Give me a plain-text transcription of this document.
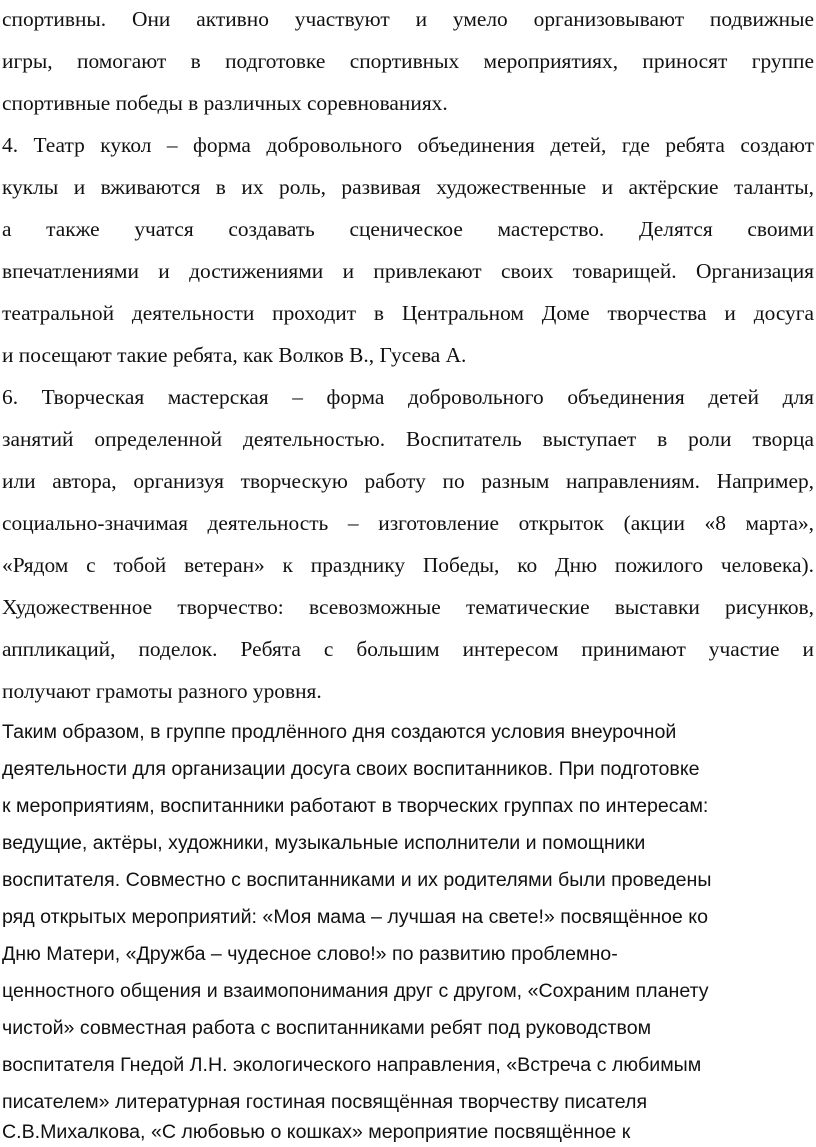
спортивны. Они активно участвуют и умело организовывают подвижные
игры, помогают в подготовке спортивных мероприятиях, приносят группе
спортивные победы в различных соревнованиях.
4. Театр кукол – форма добровольного объединения детей, где ребята создают
куклы и вживаются в их роль, развивая художественные и актёрские таланты,
а также учатся создавать сценическое мастерство. Делятся своими
впечатлениями и достижениями и привлекают своих товарищей. Организация
театральной деятельности проходит в Центральном Доме творчества и досуга
и посещают такие ребята, как Волков В., Гусева А.
6. Творческая мастерская – форма добровольного объединения детей для
занятий определенной деятельностью. Воспитатель выступает в роли творца
или автора, организуя творческую работу по разным направлениям. Например,
социально-значимая деятельность – изготовление открыток (акции «8 марта»,
«Рядом с тобой ветеран» к празднику Победы, ко Дню пожилого человека).
Художественное творчество: всевозможные тематические выставки рисунков,
аппликаций, поделок. Ребята с большим интересом принимают участие и
получают грамоты разного уровня.
Таким образом, в группе продлённого дня создаются условия внеурочной
деятельности для организации досуга своих воспитанников. При подготовке
к мероприятиям, воспитанники работают в творческих группах по интересам:
ведущие, актёры, художники, музыкальные исполнители и помощники
воспитателя. Совместно с воспитанниками и их родителями были проведены
ряд открытых мероприятий: «Моя мама – лучшая на свете!» посвящённое ко
Дню Матери, «Дружба – чудесное слово!» по развитию проблемно-
ценностного общения и взаимопонимания друг с другом, «Сохраним планету
чистой» совместная работа с воспитанниками ребят под руководством
воспитателя Гнедой Л.Н. экологического направления, «Встреча с любимым
писателем» литературная гостиная посвящённая творчеству писателя
С.В.Михалкова, «С любовью о кошках» мероприятие посвящённое к
